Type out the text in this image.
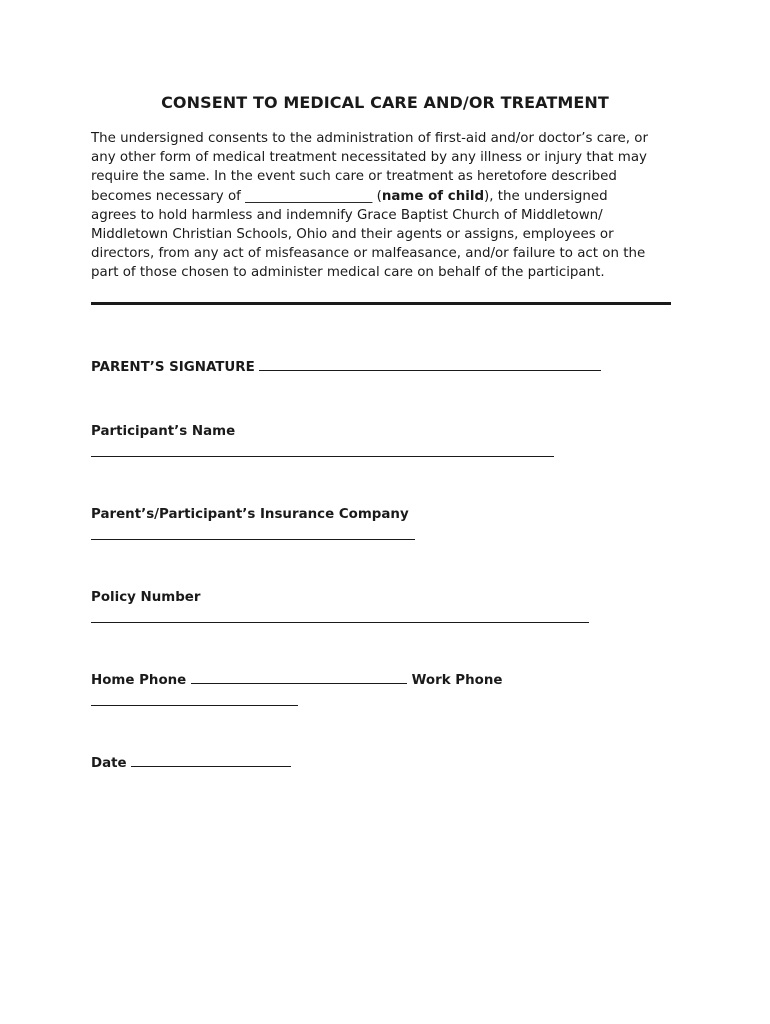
CONSENT TO MEDICAL CARE AND/OR TREATMENT

The undersigned consents to the administration of first-aid and/or doctor’s care, or

any other form of medical treatment necessitated by any illness or injury that may

require the same. In the event such care or treatment as heretofore described

becomes necessary of ___________________ (name of child), the undersigned

agrees to hold harmless and indemnify Grace Baptist Church of Middletown/

Middletown Christian Schools, Ohio and their agents or assigns, employees or

directors, from any act of misfeasance or malfeasance, and/or failure to act on the

part of those chosen to administer medical care on behalf of the participant.

PARENT’S SIGNATURE
Participant’s Name
Parent’s/Participant’s Insurance Company
Policy Number
Home Phone	Work Phone
Date
